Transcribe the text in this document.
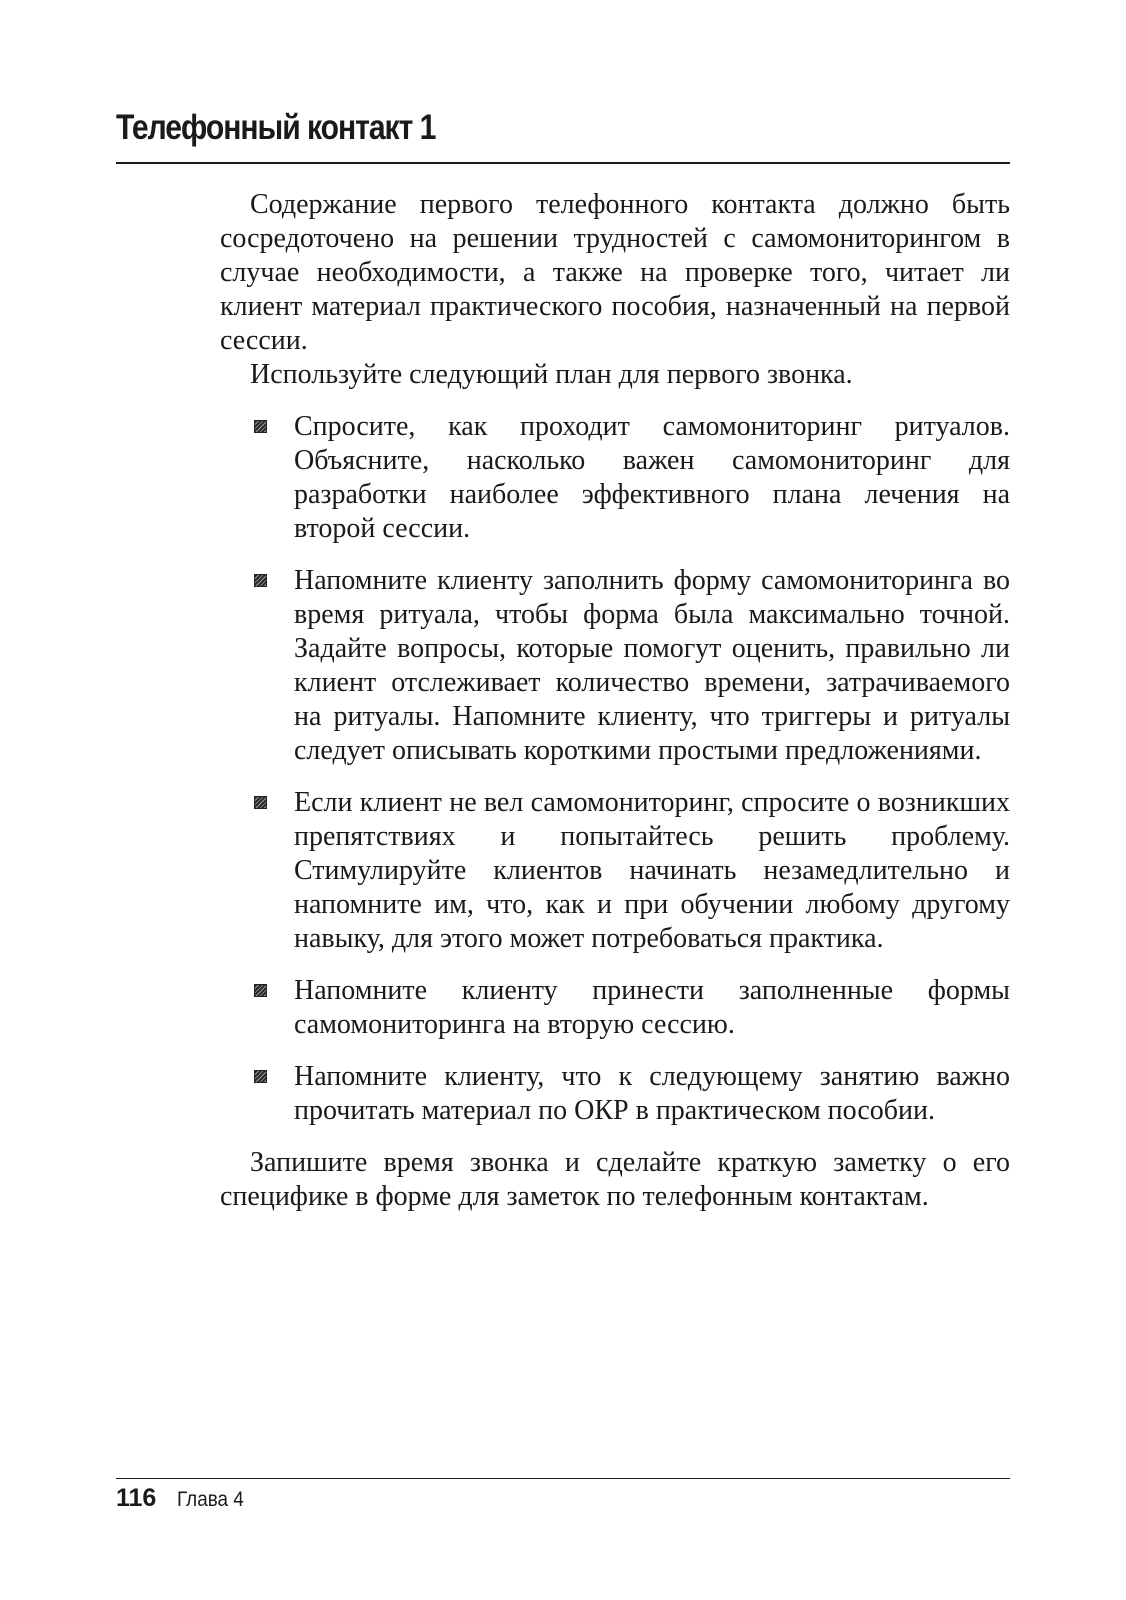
Телефонный контакт 1

Содержание первого телефонного контакта должно быть сосредоточено на решении трудностей с самомониторингом в случае необходимости, а также на проверке того, читает ли клиент материал практического пособия, назначенный на первой сессии.

Используйте следующий план для первого звонка.

Спросите, как проходит самомониторинг ритуалов. Объясните, насколько важен самомониторинг для разработки наиболее эффективного плана лечения на второй сессии.
Напомните клиенту заполнить форму самомониторинга во время ритуала, чтобы форма была максимально точной. Задайте вопросы, которые помогут оценить, правильно ли клиент отслеживает количество времени, затрачиваемого на ритуалы. Напомните клиенту, что триггеры и ритуалы следует описывать короткими простыми предложениями.
Если клиент не вел самомониторинг, спросите о возникших препятствиях и попытайтесь решить проблему. Стимулируйте клиентов начинать незамедлительно и напомните им, что, как и при обучении любому другому навыку, для этого может потребоваться практика.
Напомните клиенту принести заполненные формы самомониторинга на вторую сессию.
Напомните клиенту, что к следующему занятию важно прочитать материал по ОКР в практическом пособии.

Запишите время звонка и сделайте краткую заметку о его специфике в форме для заметок по телефонным контактам.

116 Глава 4
